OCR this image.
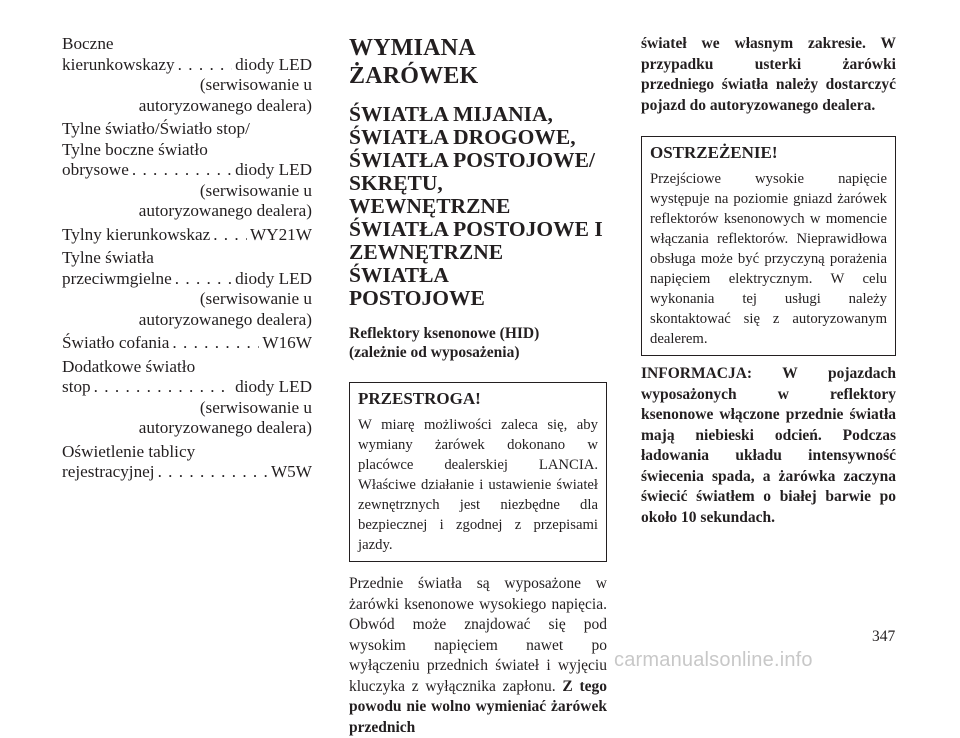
Boczne
kierunkowskazy . . .	diody LED
(serwisowanie u
autoryzowanego dealera)
Tylne światło/Światło stop/
Tylne boczne światło
obrysowe . . .	diody LED
(serwisowanie u
autoryzowanego dealera)
Tylny kierunkowskaz . . . WY21W
Tylne światła
przeciwmgielne . . .	diody LED
(serwisowanie u
autoryzowanego dealera)
Światło cofania . . .	W16W
Dodatkowe światło
stop . . .	diody LED
(serwisowanie u
autoryzowanego dealera)
Oświetlenie tablicy
rejestracyjnej . . .	W5W
WYMIANA ŻARÓWEK
ŚWIATŁA MIJANIA,
ŚWIATŁA DROGOWE,
ŚWIATŁA POSTOJOWE/
SKRĘTU, WEWNĘTRZNE
ŚWIATŁA POSTOJOWE I
ZEWNĘTRZNE ŚWIATŁA
POSTOJOWE
Reflektory ksenonowe (HID)
(zależnie od wyposażenia)
PRZESTROGA!

W miarę możliwości zaleca się, aby wymiany żarówek dokonano w placówce dealerskiej LANCIA. Właściwe działanie i ustawienie świateł zewnętrznych jest niezbędne dla bezpiecznej i zgodnej z przepisami jazdy.

Przednie światła są wyposażone w żarówki ksenonowe wysokiego napięcia. Obwód może znajdować się pod wysokim napięciem nawet po wyłączeniu przednich świateł i wyjęciu kluczyka z wyłącznika zapłonu. Z tego powodu nie wolno wymieniać żarówek przednich

świateł we własnym zakresie. W przypadku usterki żarówki przedniego światła należy dostarczyć pojazd do autoryzowanego dealera.

OSTRZEŻENIE!

Przejściowe wysokie napięcie występuje na poziomie gniazd żarówek reflektorów ksenonowych w momencie włączania reflektorów. Nieprawidłowa obsługa może być przyczyną porażenia napięciem elektrycznym. W celu wykonania tej usługi należy skontaktować się z autoryzowanym dealerem.

INFORMACJA: W pojazdach wyposażonych w reflektory ksenonowe włączone przednie światła mają niebieski odcień. Podczas ładowania układu intensywność świecenia spada, a żarówka zaczyna świecić światłem o białej barwie po około 10 sekundach.

347
carmanualsonline.info
